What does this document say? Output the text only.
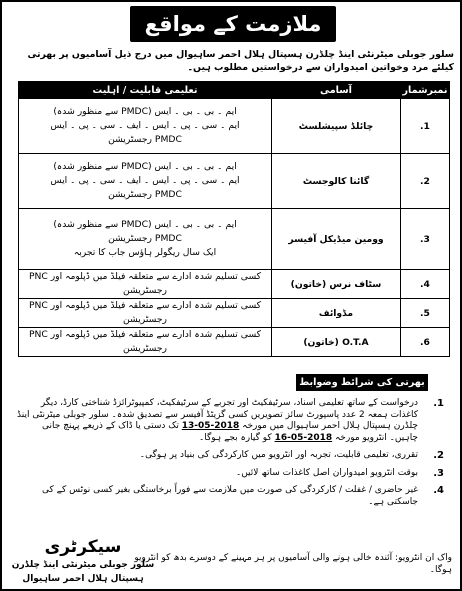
ملازمت کے مواقع
سلور جوبلی میٹرنٹی اینڈ چلڈرن ہسپتال ہلال احمر ساہیوال میں درج ذیل آسامیوں پر بھرتی کیلئے مرد وخواتین امیدواران سے درخواستیں مطلوب ہیں۔
نمبرشمار	آسامی	تعلیمی قابلیت / اہلیت
1.	چائلڈ سپیشلسٹ	ایم ۔ بی ۔ بی ۔ ایس (PMDC سے منظور شدہ)
ایم ۔ سی ۔ پی ۔ ایس ۔ ایف ۔ سی ۔ پی ۔ ایس
PMDC رجسٹریشن

2.	گائنا کالوجسٹ	ایم ۔ بی ۔ بی ۔ ایس (PMDC سے منظور شدہ)
ایم ۔ سی ۔ پی ۔ ایس ۔ ایف ۔ سی ۔ پی ۔ ایس
PMDC رجسٹریشن

3.	وومین میڈیکل آفیسر	ایم ۔ بی ۔ بی ۔ ایس (PMDC سے منظور شدہ)
PMDC رجسٹریشن
ایک سال ریگولر ہاؤس جاب کا تجربہ

4.	سٹاف نرس (خاتون)	کسی تسلیم شدہ ادارے سے متعلقہ فیلڈ میں ڈپلومہ اور PNC رجسٹریشن
5.	مڈوائف	کسی تسلیم شدہ ادارے سے متعلقہ فیلڈ میں ڈپلومہ اور PNC رجسٹریشن
6.	O.T.A (خاتون)	کسی تسلیم شدہ ادارے سے متعلقہ فیلڈ میں ڈپلومہ اور PNC رجسٹریشن
بھرتی کی شرائط وضوابط
1.
درخواست کے ساتھ تعلیمی اسناد، سرٹیفکیٹ اور تجربے کے سرٹیفکیٹ، کمپیوٹرائزڈ شناختی کارڈ، دیگر کاغذات ہمعہ 2 عدد پاسپورٹ سائز تصویریں کسی گزیٹڈ آفیسر سے تصدیق شدہ۔ سلور جوبلی میٹرنٹی اینڈ چلڈرن ہسپتال ہلال احمر ساہیوال میں مورخہ 13-05-2018 تک دستی یا ڈاک کے ذریعے پہنچ جانی چاہیں۔ انٹرویو مورخہ 16-05-2018 کو گیارہ بجے ہوگا۔
2.
تقرری، تعلیمی قابلیت، تجربہ اور انٹرویو میں کارکردگی کی بنیاد پر ہوگی۔
3.
بوقت انٹرویو امیدواران اصل کاغذات ساتھ لائیں۔
4.
غیر حاضری / غفلت / کارکردگی کی صورت میں ملازمت سے فوراً برخاستگی بغیر کسی نوٹس کے کی جاسکتی ہے۔
واک ان انٹرویو: آئندہ خالی ہونے والی آسامیوں پر ہر مہینے کے دوسرے بدھ کو انٹرویو ہوگا۔
سیکرٹری
سلور جوبلی میٹرنٹی اینڈ چلڈرن ہسپتال ہلال احمر ساہیوال
